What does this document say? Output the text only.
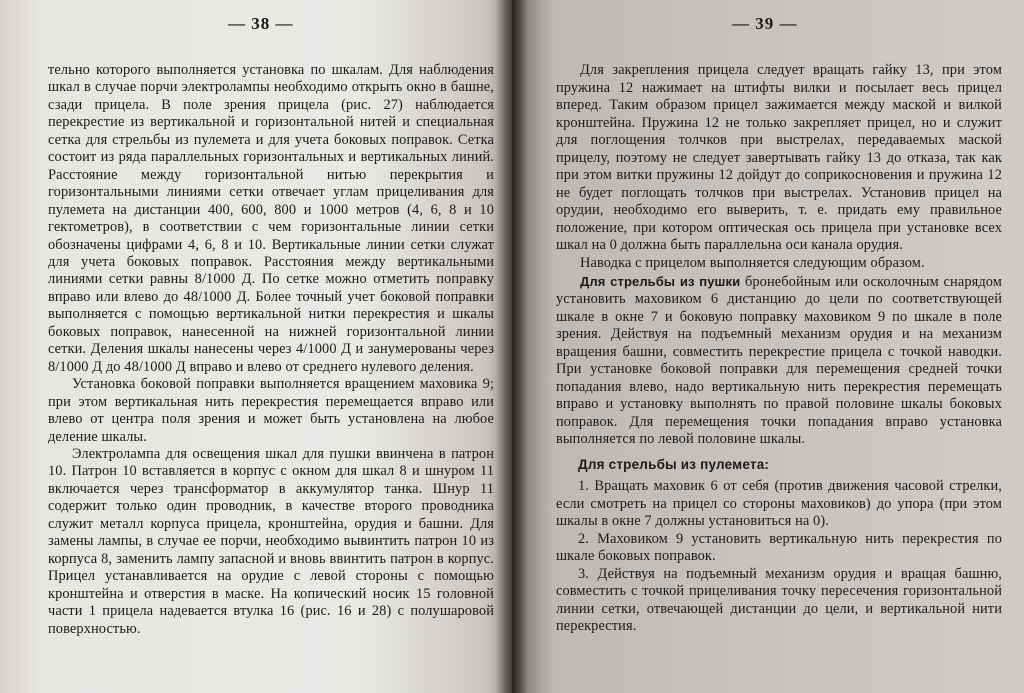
— 38 —

тельно которого выполняется установка по шкалам. Для наблюдения шкал в случае порчи электролампы необходимо открыть окно в башне, сзади прицела. В поле зрения прицела (рис. 27) наблюдается перекрестие из вертикальной и горизонтальной нитей и специальная сетка для стрельбы из пулемета и для учета боковых поправок. Сетка состоит из ряда параллельных горизонтальных и вертикальных линий. Расстояние между горизонтальной нитью перекрытия и горизонтальными линиями сетки отвечает углам прицеливания для пулемета на дистанции 400, 600, 800 и 1000 метров (4, 6, 8 и 10 гектометров), в соответствии с чем горизонтальные линии сетки обозначены цифрами 4, 6, 8 и 10. Вертикальные линии сетки служат для учета боковых поправок. Расстояния между вертикальными линиями сетки равны 8/1000 Д. По сетке можно отметить поправку вправо или влево до 48/1000 Д. Более точный учет боковой поправки выполняется с помощью вертикальной нитки перекрестия и шкалы боковых поправок, нанесенной на нижней горизонтальной линии сетки. Деления шкалы нанесены через 4/1000 Д и занумерованы через 8/1000 Д до 48/1000 Д вправо и влево от среднего нулевого деления.

Установка боковой поправки выполняется вращением маховика 9; при этом вертикальная нить перекрестия перемещается вправо или влево от центра поля зрения и может быть установлена на любое деление шкалы.

Электролампа для освещения шкал для пушки ввинчена в патрон 10. Патрон 10 вставляется в корпус с окном для шкал 8 и шнуром 11 включается через трансформатор в аккумулятор танка. Шнур 11 содержит только один проводник, в качестве второго проводника служит металл корпуса прицела, кронштейна, орудия и башни. Для замены лампы, в случае ее порчи, необходимо вывинтить патрон 10 из корпуса 8, заменить лампу запасной и вновь ввинтить патрон в корпус. Прицел устанавливается на орудие с левой стороны с помощью кронштейна и отверстия в маске. На копический носик 15 головной части 1 прицела надевается втулка 16 (рис. 16 и 28) с полушаровой поверхностью.

— 39 —

Для закрепления прицела следует вращать гайку 13, при этом пружина 12 нажимает на штифты вилки и посылает весь прицел вперед. Таким образом прицел зажимается между маской и вилкой кронштейна. Пружина 12 не только закрепляет прицел, но и служит для поглощения толчков при выстрелах, передаваемых маской прицелу, поэтому не следует завертывать гайку 13 до отказа, так как при этом витки пружины 12 дойдут до соприкосновения и пружина 12 не будет поглощать толчков при выстрелах. Установив прицел на орудии, необходимо его выверить, т. е. придать ему правильное положение, при котором оптическая ось прицела при установке всех шкал на 0 должна быть параллельна оси канала орудия.

Наводка с прицелом выполняется следующим образом.

Для стрельбы из пушки бронебойным или осколочным снарядом установить маховиком 6 дистанцию до цели по соответствующей шкале в окне 7 и боковую поправку маховиком 9 по шкале в поле зрения. Действуя на подъемный механизм орудия и на механизм вращения башни, совместить перекрестие прицела с точкой наводки. При установке боковой поправки для перемещения средней точки попадания влево, надо вертикальную нить перекрестия перемещать вправо и установку выполнять по правой половине шкалы боковых поправок. Для перемещения точки попадания вправо установка выполняется по левой половине шкалы.

Для стрельбы из пулемета:

1. Вращать маховик 6 от себя (против движения часовой стрелки, если смотреть на прицел со стороны маховиков) до упора (при этом шкалы в окне 7 должны установиться на 0).

2. Маховиком 9 установить вертикальную нить перекрестия по шкале боковых поправок.

3. Действуя на подъемный механизм орудия и вращая башню, совместить с точкой прицеливания точку пересечения горизонтальной линии сетки, отвечающей дистанции до цели, и вертикальной нити перекрестия.
